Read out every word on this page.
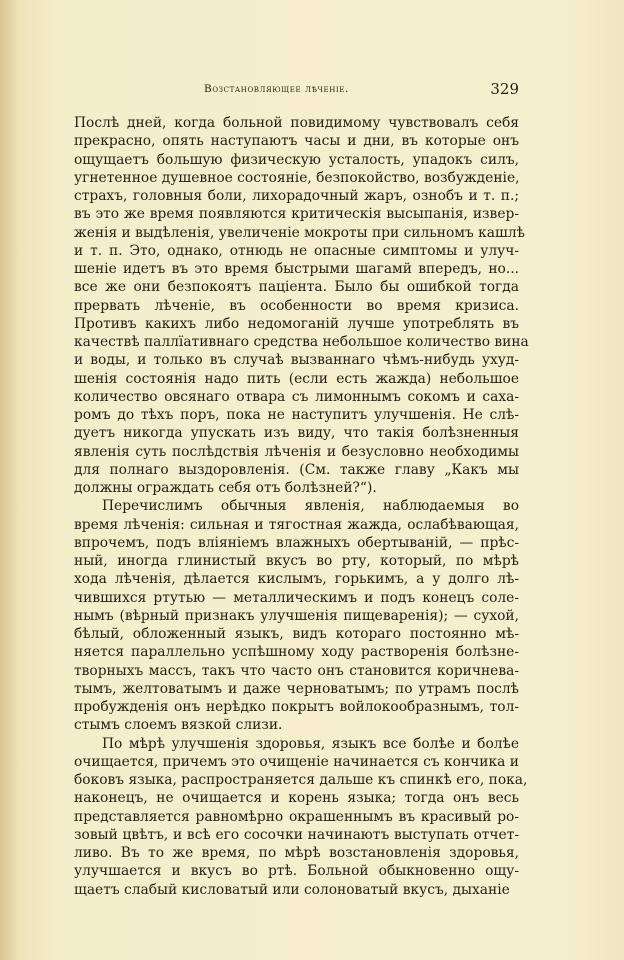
Возстановляющее лѣченіе.	329
Послѣ дней, когда больной повидимому чувствовалъ себя
прекрасно, опять наступаютъ часы и дни, въ которые онъ
ощущаетъ большую физическую усталость, упадокъ силъ,
угнетенное душевное состояніе, безпокойство, возбужденіе,
страхъ, головныя боли, лихорадочный жаръ, ознобъ и т. п.;
въ это же время появляются критическія высыпанія, извер-
женія и выдѣленія, увеличеніе мокроты при сильномъ кашлѣ
и т. п. Это, однако, отнюдь не опасные симптомы и улуч-
шеніе идетъ въ это время быстрыми шагамй впередъ, но...
все же они безпокоятъ паціента. Было бы ошибкой тогда
прервать лѣченіе, въ особенности во время кризиса.
Противъ какихъ либо недомоганій лучше употреблять въ
качествѣ паллїативнаго средства небольшое количество вина
и воды, и только въ случаѣ вызваннаго чѣмъ-нибудь ухуд-
шенія состоянія надо пить (если есть жажда) небольшое
количество овсянаго отвара съ лимоннымъ сокомъ и саха-
ромъ до тѣхъ поръ, пока не наступитъ улучшенія. Не слѣ-
дуетъ никогда упускать изъ виду, что такія болѣзненныя
явленія суть послѣдствія лѣченія и безусловно необходимы
для полнаго выздоровленія. (См. также главу „Какъ мы
должны ограждать себя отъ болѣзней?“).
Перечислимъ обычныя явленія, наблюдаемыя во
время лѣченія: сильная и тягостная жажда, ослабѣвающая,
впрочемъ, подъ вліяніемъ влажныхъ обертываній, — прѣс-
ный, иногда глинистый вкусъ во рту, который, по мѣрѣ
хода лѣченія, дѣлается кислымъ, горькимъ, а у долго лѣ-
чившихся ртутью — металлическимъ и подъ конецъ соле-
нымъ (вѣрный признакъ улучшенія пищеваренія); — сухой,
бѣлый, обложенный языкъ, видъ котораго постоянно мѣ-
няется параллельно успѣшному ходу растворенія болѣзне-
творныхъ массъ, такъ что часто онъ становится коричнева-
тымъ, желтоватымъ и даже черноватымъ; по утрамъ послѣ
пробужденія онъ нерѣдко покрытъ войлокообразнымъ, тол-
стымъ слоемъ вязкой слизи.
По мѣрѣ улучшенія здоровья, языкъ все болѣе и болѣе
очищается, причемъ это очищеніе начинается съ кончика и
боковъ языка, распространяется дальше къ спинкѣ его, пока,
наконецъ, не очищается и корень языка; тогда онъ весь
представляется равномѣрно окрашеннымъ въ красивый ро-
зовый цвѣтъ, и всѣ его сосочки начинаютъ выступать отчет-
ливо. Въ то же время, по мѣрѣ возстановленія здоровья,
улучшается и вкусъ во ртѣ. Больной обыкновенно ощу-
щаетъ слабый кисловатый или солоноватый вкусъ, дыханіе
